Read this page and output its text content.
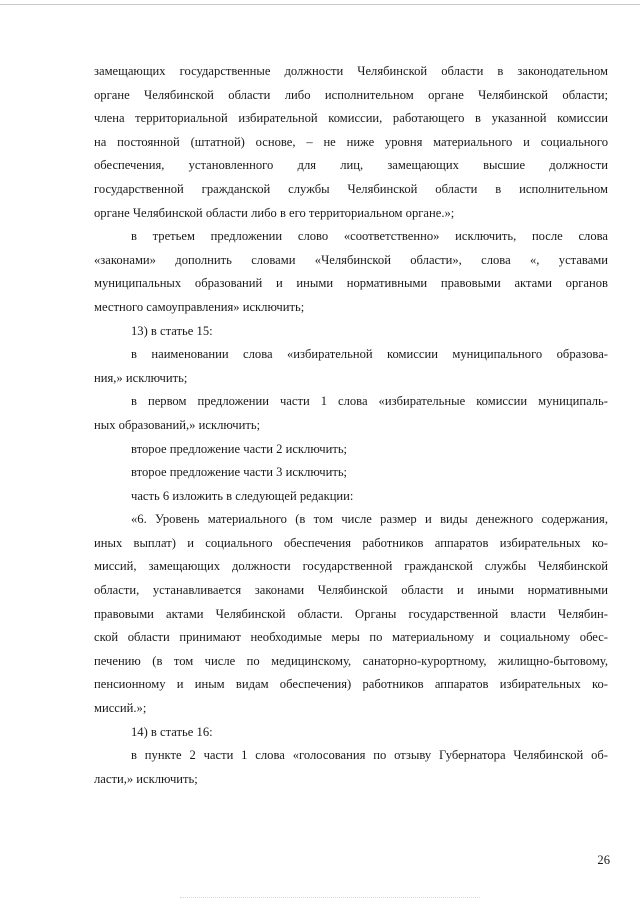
замещающих государственные должности Челябинской области в законодательном
органе Челябинской области либо исполнительном органе Челябинской области;
члена территориальной избирательной комиссии, работающего в указанной комиссии
на постоянной (штатной) основе, – не ниже уровня материального и социального
обеспечения, установленного для лиц, замещающих высшие должности
государственной гражданской службы Челябинской области в исполнительном
органе Челябинской области либо в его территориальном органе.»;
в третьем предложении слово «соответственно» исключить, после слова
«законами» дополнить словами «Челябинской области», слова «, уставами
муниципальных образований и иными нормативными правовыми актами органов
местного самоуправления» исключить;
13) в статье 15:
в наименовании слова «избирательной комиссии муниципального образова-
ния,» исключить;
в первом предложении части 1 слова «избирательные комиссии муниципаль-
ных образований,» исключить;
второе предложение части 2 исключить;
второе предложение части 3 исключить;
часть 6 изложить в следующей редакции:
«6. Уровень материального (в том числе размер и виды денежного содержания,
иных выплат) и социального обеспечения работников аппаратов избирательных ко-
миссий, замещающих должности государственной гражданской службы Челябинской
области, устанавливается законами Челябинской области и иными нормативными
правовыми актами Челябинской области. Органы государственной власти Челябин-
ской области принимают необходимые меры по материальному и социальному обес-
печению (в том числе по медицинскому, санаторно-курортному, жилищно-бытовому,
пенсионному и иным видам обеспечения) работников аппаратов избирательных ко-
миссий.»;
14) в статье 16:
в пункте 2 части 1 слова «голосования по отзыву Губернатора Челябинской об-
ласти,» исключить;
26
